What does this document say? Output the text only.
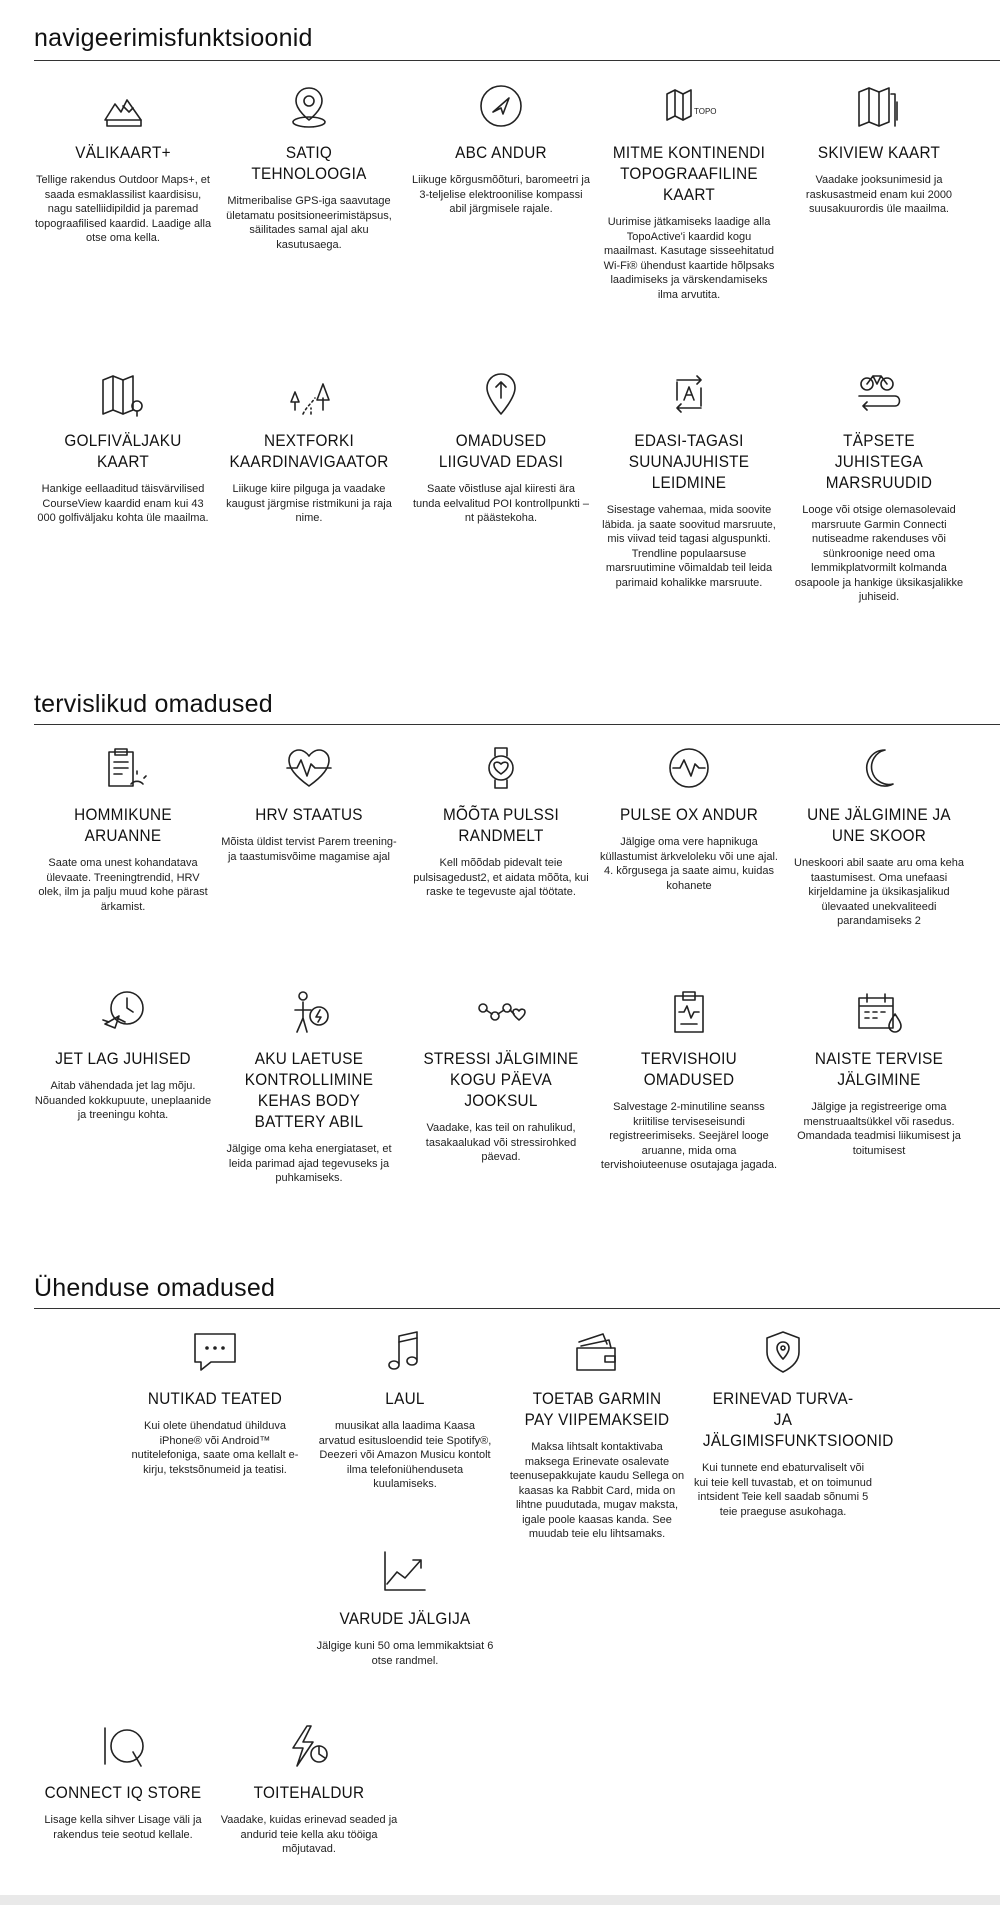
navigeerimisfunktsioonid
VÄLIKAART+

Tellige rakendus Outdoor Maps+, et saada esmaklassilist kaardisisu, nagu satelliidipildid ja paremad topograafilised kaardid. Laadige alla otse oma kella.

SATIQ TEHNOLOOGIA

Mitmeribalise GPS-iga saavutage ületamatu positsioneerimistäpsus, säilitades samal ajal aku kasutusaega.

ABC ANDUR

Liikuge kõrgusmõõturi, baromeetri ja 3-teljelise elektroonilise kompassi abil järgmisele rajale.

TOPO
MITME KONTINENDI TOPOGRAAFILINE KAART

Uurimise jätkamiseks laadige alla TopoActive'i kaardid kogu maailmast. Kasutage sisseehitatud Wi-Fi® ühendust kaartide hõlpsaks laadimiseks ja värskendamiseks ilma arvutita.

SKIVIEW KAART

Vaadake jooksunimesid ja raskusastmeid enam kui 2000 suusakuurordis üle maailma.

GOLFIVÄLJAKU KAART

Hankige eellaaditud täisvärvilised CourseView kaardid enam kui 43 000 golfiväljaku kohta üle maailma.

NEXTFORKI KAARDINAVIGAATOR

Liikuge kiire pilguga ja vaadake kaugust järgmise ristmikuni ja raja nime.

OMADUSED LIIGUVAD EDASI

Saate võistluse ajal kiiresti ära tunda eelvalitud POI kontrollpunkti – nt päästekoha.

EDASI-TAGASI SUUNAJUHISTE LEIDMINE

Sisestage vahemaa, mida soovite läbida. ja saate soovitud marsruute, mis viivad teid tagasi alguspunkti. Trendline populaarsuse marsruutimine võimaldab teil leida parimaid kohalikke marsruute.

TÄPSETE JUHISTEGA MARSRUUDID

Looge või otsige olemasolevaid marsruute Garmin Connecti nutiseadme rakenduses või sünkroonige need oma lemmikplatvormilt kolmanda osapoole ja hankige üksikasjalikke juhiseid.

tervislikud omadused
HOMMIKUNE ARUANNE

Saate oma unest kohandatava ülevaate. Treeningtrendid, HRV olek, ilm ja palju muud kohe pärast ärkamist.

HRV STAATUS

Mõista üldist tervist Parem treening- ja taastumisvõime magamise ajal

MÕÕTA PULSSI RANDMELT

Kell mõõdab pidevalt teie pulsisagedust2, et aidata mõõta, kui raske te tegevuste ajal töötate.

PULSE OX ANDUR

Jälgige oma vere hapnikuga küllastumist ärkveloleku või une ajal. 4. kõrgusega ja saate aimu, kuidas kohanete

UNE JÄLGIMINE JA UNE SKOOR

Uneskoori abil saate aru oma keha taastumisest. Oma unefaasi kirjeldamine ja üksikasjalikud ülevaated unekvaliteedi parandamiseks 2

JET LAG JUHISED

Aitab vähendada jet lag mõju. Nõuanded kokkupuute, uneplaanide ja treeningu kohta.

AKU LAETUSE KONTROLLIMINE KEHAS BODY BATTERY ABIL

Jälgige oma keha energiataset, et leida parimad ajad tegevuseks ja puhkamiseks.

STRESSI JÄLGIMINE KOGU PÄEVA JOOKSUL

Vaadake, kas teil on rahulikud, tasakaalukad või stressirohked päevad.

TERVISHOIU OMADUSED

Salvestage 2-minutiline seanss kriitilise terviseseisundi registreerimiseks. Seejärel looge aruanne, mida oma tervishoiuteenuse osutajaga jagada.

NAISTE TERVISE JÄLGIMINE

Jälgige ja registreerige oma menstruaaltsükkel või rasedus. Omandada teadmisi liikumisest ja toitumisest

Ühenduse omadused
NUTIKAD TEATED

Kui olete ühendatud ühilduva iPhone® või Android™ nutitelefoniga, saate oma kellalt e-kirju, tekstsõnumeid ja teatisi.

LAUL

muusikat alla laadima Kaasa arvatud esitusloendid teie Spotify®, Deezeri või Amazon Musicu kontolt ilma telefoniühenduseta kuulamiseks.

TOETAB GARMIN PAY VIIPEMAKSEID

Maksa lihtsalt kontaktivaba maksega Erinevate osalevate teenusepakkujate kaudu Sellega on kaasas ka Rabbit Card, mida on lihtne puudutada, mugav maksta, igale poole kaasas kanda. See muudab teie elu lihtsamaks.

ERINEVAD TURVA- JA JÄLGIMISFUNKTSIOONID

Kui tunnete end ebaturvaliselt või kui teie kell tuvastab, et on toimunud intsident Teie kell saadab sõnumi 5 teie praeguse asukohaga.

VARUDE JÄLGIJA

Jälgige kuni 50 oma lemmikaktsiat 6 otse randmel.

CONNECT IQ STORE

Lisage kella sihver Lisage väli ja rakendus teie seotud kellale.

TOITEHALDUR

Vaadake, kuidas erinevad seaded ja andurid teie kella aku tööiga mõjutavad.
